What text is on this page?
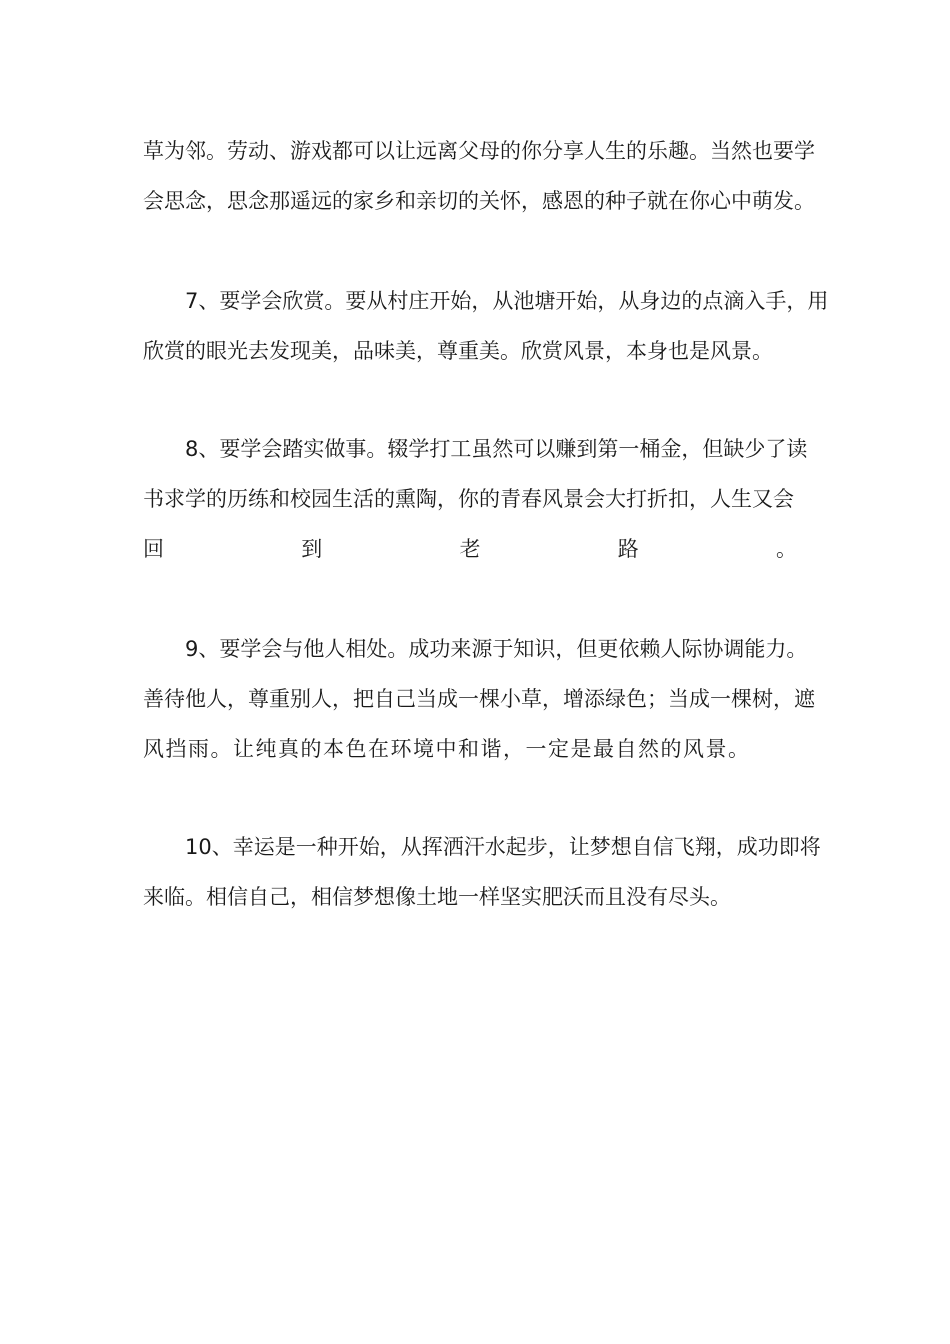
草为邻。劳动、游戏都可以让远离父母的你分享人生的乐趣。当然也要学
会思念，思念那遥远的家乡和亲切的关怀，感恩的种子就在你心中萌发。
7、要学会欣赏。要从村庄开始，从池塘开始，从身边的点滴入手，用
欣赏的眼光去发现美，品味美，尊重美。欣赏风景，本身也是风景。
8、要学会踏实做事。辍学打工虽然可以赚到第一桶金，但缺少了读
书求学的历练和校园生活的熏陶，你的青春风景会大打折扣，人生又会
回	到	老	路	。
9、要学会与他人相处。成功来源于知识，但更依赖人际协调能力。
善待他人，尊重别人，把自己当成一棵小草，增添绿色；当成一棵树，遮
风挡雨。让纯真的本色在环境中和谐，一定是最自然的风景。
10、幸运是一种开始，从挥洒汗水起步，让梦想自信飞翔，成功即将
来临。相信自己，相信梦想像土地一样坚实肥沃而且没有尽头。
